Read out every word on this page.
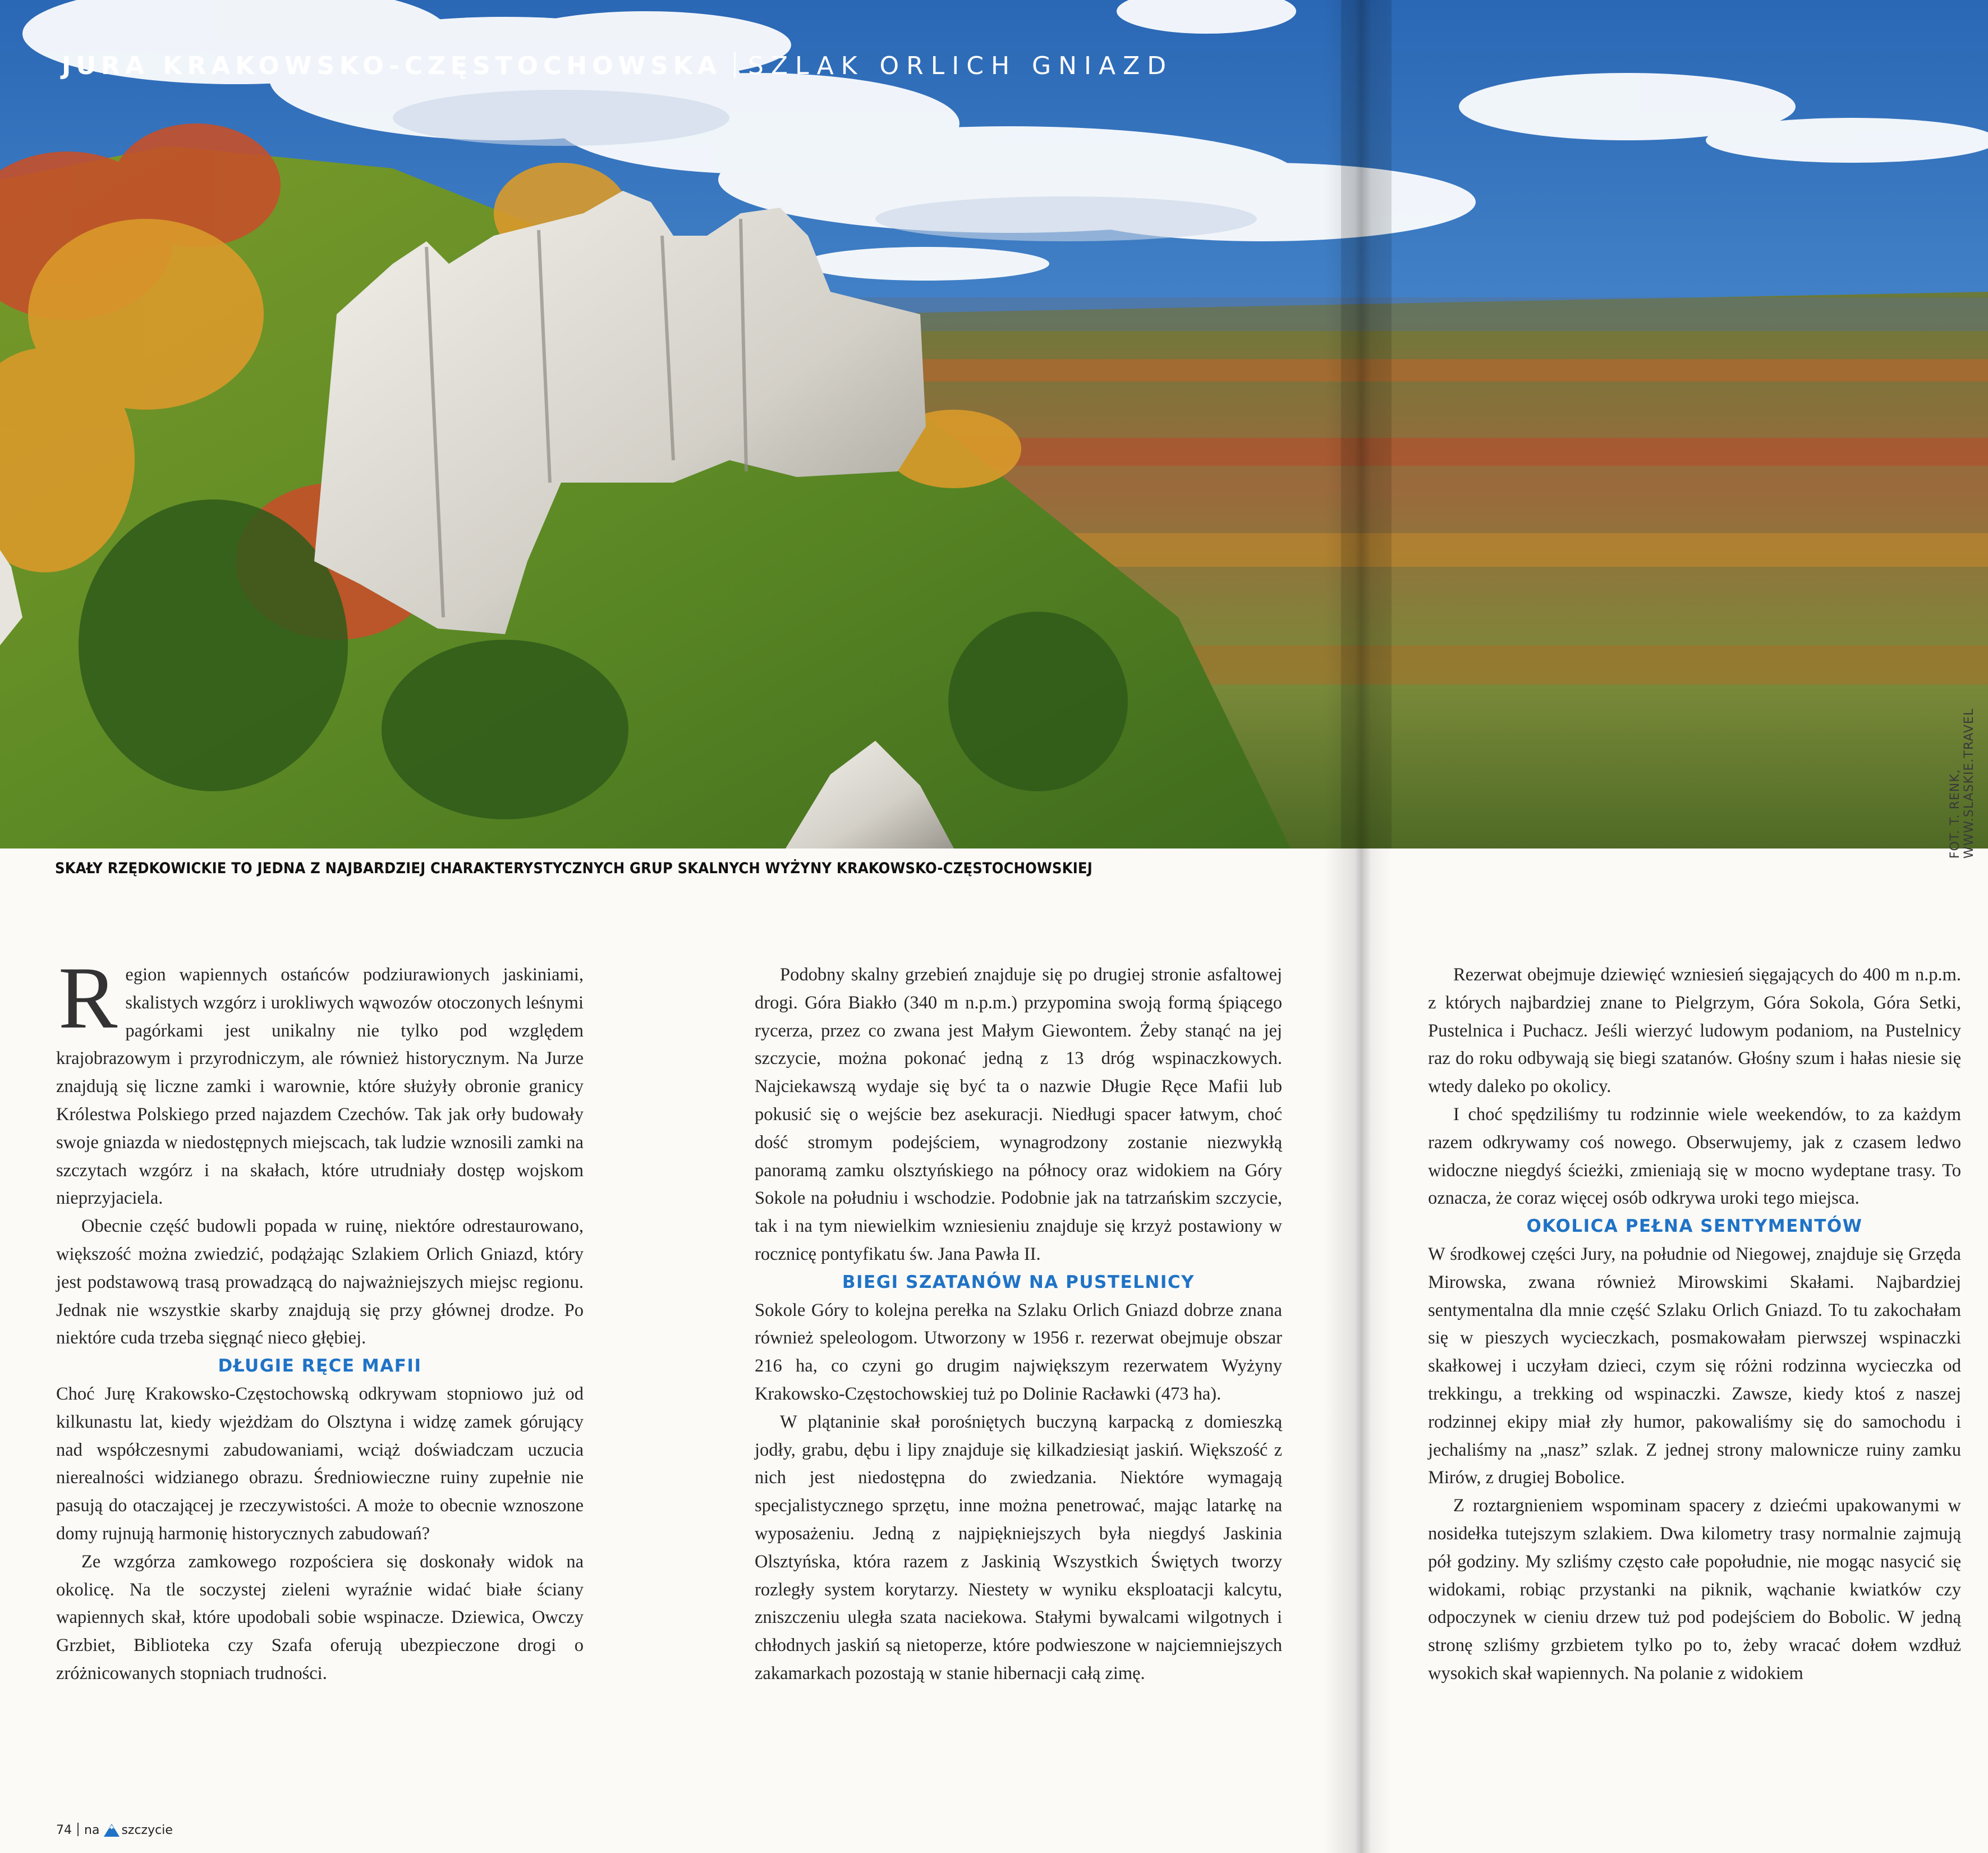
JURA KRAKOWSKO-CZĘSTOCHOWSKA SZLAK ORLICH GNIAZD
FOT. T. RENK, WWW.SLASKIE.TRAVEL
SKAŁY RZĘDKOWICKIE TO JEDNA Z NAJBARDZIEJ CHARAKTERYSTYCZNYCH GRUP SKALNYCH WYŻYNY KRAKOWSKO-CZĘSTOCHOWSKIEJ

Region wapiennych ostańców podziurawionych jaskiniami, skalistych wzgórz i urokliwych wąwozów otoczonych leśnymi pagórkami jest unikalny nie tylko pod względem krajobrazowym i przyrodniczym, ale również historycznym. Na Jurze znajdują się liczne zamki i warownie, które służyły obronie granicy Królestwa Polskiego przed najazdem Czechów. Tak jak orły budowały swoje gniazda w niedostępnych miejscach, tak ludzie wznosili zamki na szczytach wzgórz i na skałach, które utrudniały dostęp wojskom nieprzyjaciela.

Obecnie część budowli popada w ruinę, niektóre odrestaurowano, większość można zwiedzić, podążając Szlakiem Orlich Gniazd, który jest podstawową trasą prowadzącą do najważniejszych miejsc regionu. Jednak nie wszystkie skarby znajdują się przy głównej drodze. Po niektóre cuda trzeba sięgnąć nieco głębiej.

DŁUGIE RĘCE MAFII

Choć Jurę Krakowsko-Częstochowską odkrywam stopniowo już od kilkunastu lat, kiedy wjeżdżam do Olsztyna i widzę zamek górujący nad współczesnymi zabudowaniami, wciąż doświadczam uczucia nierealności widzianego obrazu. Średniowieczne ruiny zupełnie nie pasują do otaczającej je rzeczywistości. A może to obecnie wznoszone domy rujnują harmonię historycznych zabudowań?

Ze wzgórza zamkowego rozpościera się doskonały widok na okolicę. Na tle soczystej zieleni wyraźnie widać białe ściany wapiennych skał, które upodobali sobie wspinacze. Dziewica, Owczy Grzbiet, Biblioteka czy Szafa oferują ubezpieczone drogi o zróżnicowanych stopniach trudności.

Podobny skalny grzebień znajduje się po drugiej stronie asfaltowej drogi. Góra Biakło (340 m n.p.m.) przypomina swoją formą śpiącego rycerza, przez co zwana jest Małym Giewontem. Żeby stanąć na jej szczycie, można pokonać jedną z 13 dróg wspinaczkowych. Najciekawszą wydaje się być ta o nazwie Długie Ręce Mafii lub pokusić się o wejście bez asekuracji. Niedługi spacer łatwym, choć dość stromym podejściem, wynagrodzony zostanie niezwykłą panoramą zamku olsztyńskiego na północy oraz widokiem na Góry Sokole na południu i wschodzie. Podobnie jak na tatrzańskim szczycie, tak i na tym niewielkim wzniesieniu znajduje się krzyż postawiony w rocznicę pontyfikatu św. Jana Pawła II.

BIEGI SZATANÓW NA PUSTELNICY

Sokole Góry to kolejna perełka na Szlaku Orlich Gniazd dobrze znana również speleologom. Utworzony w 1956 r. rezerwat obejmuje obszar 216 ha, co czyni go drugim największym rezerwatem Wyżyny Krakowsko-Częstochowskiej tuż po Dolinie Racławki (473 ha).

W plątaninie skał porośniętych buczyną karpacką z domieszką jodły, grabu, dębu i lipy znajduje się kilkadziesiąt jaskiń. Większość z nich jest niedostępna do zwiedzania. Niektóre wymagają specjalistycznego sprzętu, inne można penetrować, mając latarkę na wyposażeniu. Jedną z najpiękniejszych była niegdyś Jaskinia Olsztyńska, która razem z Jaskinią Wszystkich Świętych tworzy rozległy system korytarzy. Niestety w wyniku eksploatacji kalcytu, zniszczeniu uległa szata naciekowa. Stałymi bywalcami wilgotnych i chłodnych jaskiń są nietoperze, które podwieszone w najciemniejszych zakamarkach pozostają w stanie hibernacji całą zimę.

Rezerwat obejmuje dziewięć wzniesień sięgających do 400 m n.p.m. z których najbardziej znane to Pielgrzym, Góra Sokola, Góra Setki, Pustelnica i Puchacz. Jeśli wierzyć ludowym podaniom, na Pustelnicy raz do roku odbywają się biegi szatanów. Głośny szum i hałas niesie się wtedy daleko po okolicy.

I choć spędziliśmy tu rodzinnie wiele weekendów, to za każdym razem odkrywamy coś nowego. Obserwujemy, jak z czasem ledwo widoczne niegdyś ścieżki, zmieniają się w mocno wydeptane trasy. To oznacza, że coraz więcej osób odkrywa uroki tego miejsca.

OKOLICA PEŁNA SENTYMENTÓW

W środkowej części Jury, na południe od Niegowej, znajduje się Grzęda Mirowska, zwana również Mirowskimi Skałami. Najbardziej sentymentalna dla mnie część Szlaku Orlich Gniazd. To tu zakochałam się w pieszych wycieczkach, posmakowałam pierwszej wspinaczki skałkowej i uczyłam dzieci, czym się różni rodzinna wycieczka od trekkingu, a trekking od wspinaczki. Zawsze, kiedy ktoś z naszej rodzinnej ekipy miał zły humor, pakowaliśmy się do samochodu i jechaliśmy na „nasz” szlak. Z jednej strony malownicze ruiny zamku Mirów, z drugiej Bobolice.

Z roztargnieniem wspominam spacery z dziećmi upakowanymi w nosidełka tutejszym szlakiem. Dwa kilometry trasy normalnie zajmują pół godziny. My szliśmy często całe popołudnie, nie mogąc nasycić się widokami, robiąc przystanki na piknik, wąchanie kwiatków czy odpoczynek w cieniu drzew tuż pod podejściem do Bobolic. W jedną stronę szliśmy grzbietem tylko po to, żeby wracać dołem wzdłuż wysokich skał wapiennych. Na polanie z widokiem

74 na szczycie
